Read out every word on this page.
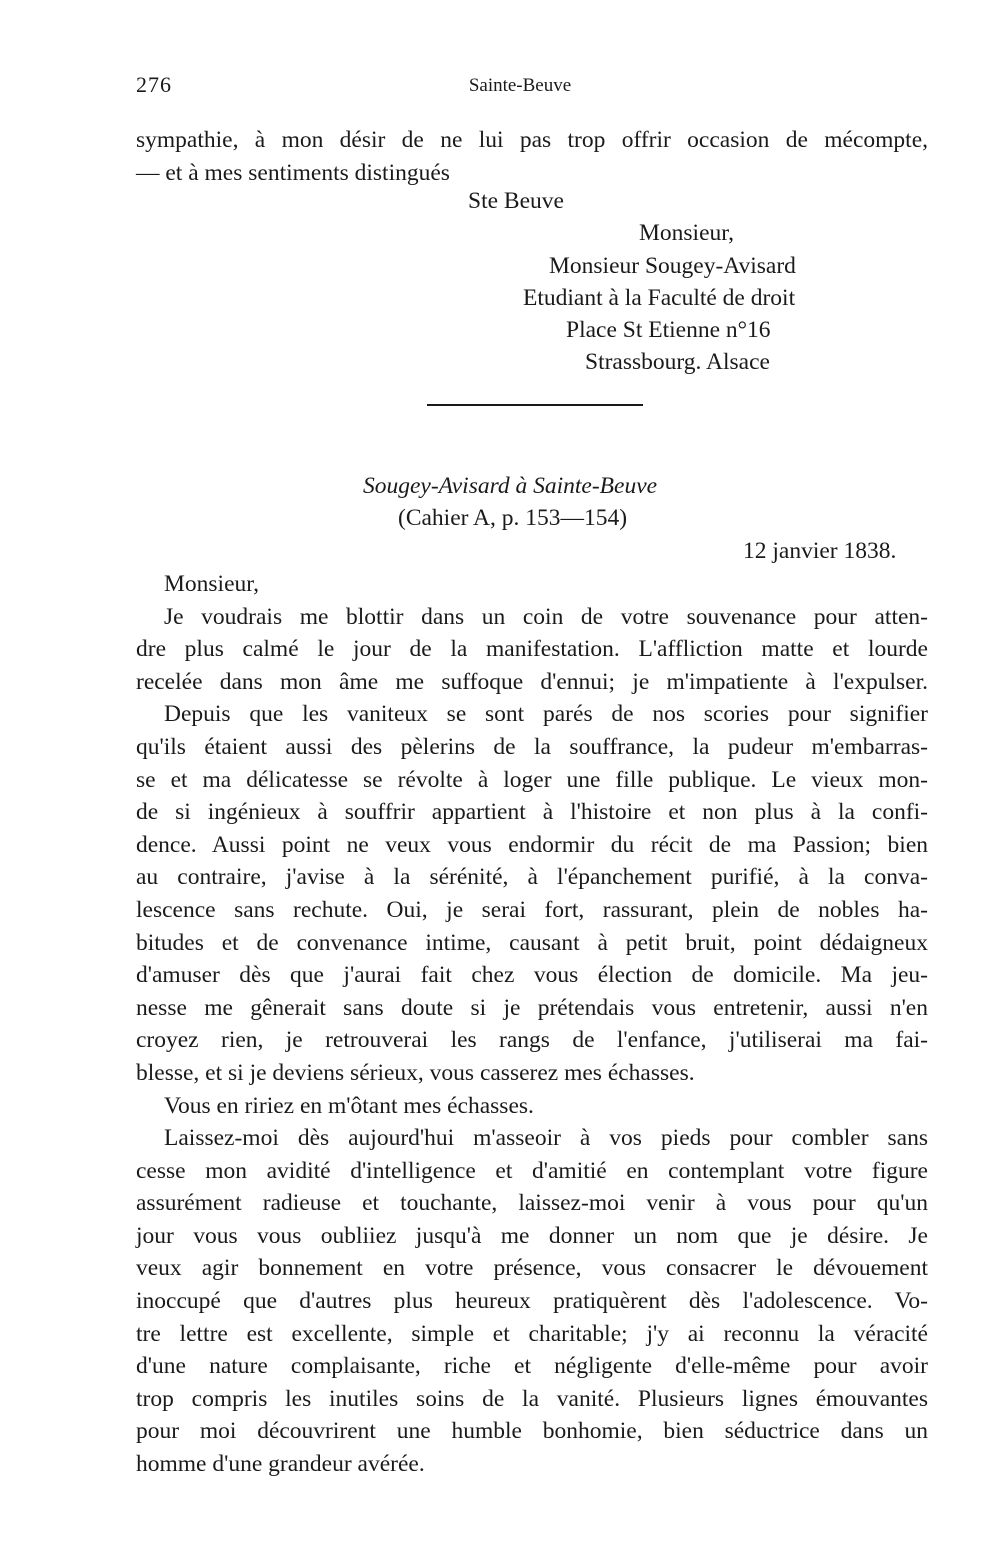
276	Sainte-Beuve
sympathie, à mon désir de ne lui pas trop offrir occasion de mécompte,
— et à mes sentiments distingués
Ste Beuve
Monsieur,
Monsieur Sougey-Avisard
Etudiant à la Faculté de droit
Place St Etienne n°16
Strassbourg. Alsace
Sougey-Avisard à Sainte-Beuve
(Cahier A, p. 153—154)
12 janvier 1838.
Monsieur,
Je voudrais me blottir dans un coin de votre souvenance pour atten-
dre plus calmé le jour de la manifestation. L'affliction matte et lourde
recelée dans mon âme me suffoque d'ennui; je m'impatiente à l'expulser.
Depuis que les vaniteux se sont parés de nos scories pour signifier
qu'ils étaient aussi des pèlerins de la souffrance, la pudeur m'embarras-
se et ma délicatesse se révolte à loger une fille publique. Le vieux mon-
de si ingénieux à souffrir appartient à l'histoire et non plus à la confi-
dence. Aussi point ne veux vous endormir du récit de ma Passion; bien
au contraire, j'avise à la sérénité, à l'épanchement purifié, à la conva-
lescence sans rechute. Oui, je serai fort, rassurant, plein de nobles ha-
bitudes et de convenance intime, causant à petit bruit, point dédaigneux
d'amuser dès que j'aurai fait chez vous élection de domicile. Ma jeu-
nesse me gênerait sans doute si je prétendais vous entretenir, aussi n'en
croyez rien, je retrouverai les rangs de l'enfance, j'utiliserai ma fai-
blesse, et si je deviens sérieux, vous casserez mes échasses.
Vous en ririez en m'ôtant mes échasses.
Laissez-moi dès aujourd'hui m'asseoir à vos pieds pour combler sans
cesse mon avidité d'intelligence et d'amitié en contemplant votre figure
assurément radieuse et touchante, laissez-moi venir à vous pour qu'un
jour vous vous oubliiez jusqu'à me donner un nom que je désire. Je
veux agir bonnement en votre présence, vous consacrer le dévouement
inoccupé que d'autres plus heureux pratiquèrent dès l'adolescence. Vo-
tre lettre est excellente, simple et charitable; j'y ai reconnu la véracité
d'une nature complaisante, riche et négligente d'elle-même pour avoir
trop compris les inutiles soins de la vanité. Plusieurs lignes émouvantes
pour moi découvrirent une humble bonhomie, bien séductrice dans un
homme d'une grandeur avérée.
